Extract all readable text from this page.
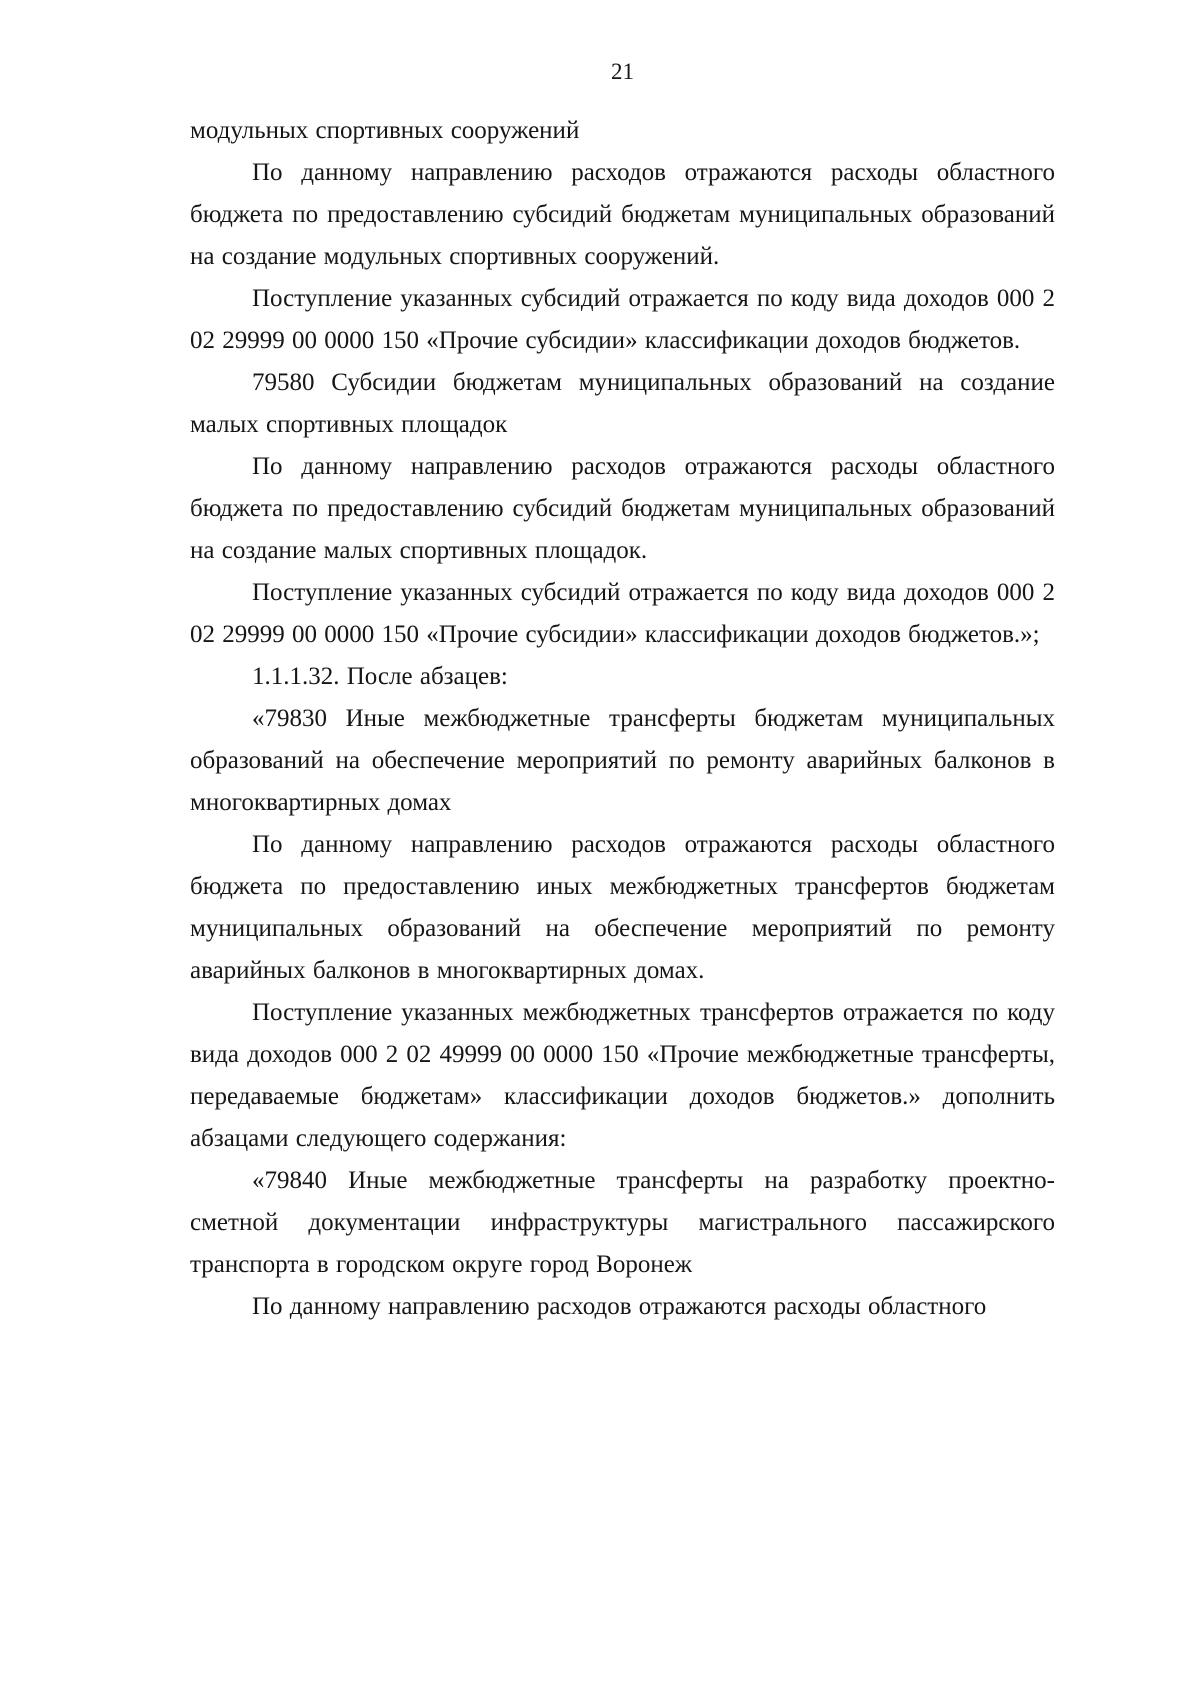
21

модульных спортивных сооружений

По данному направлению расходов отражаются расходы областного бюджета по предоставлению субсидий бюджетам муниципальных образований на создание модульных спортивных сооружений.

Поступление указанных субсидий отражается по коду вида доходов 000 2 02 29999 00 0000 150 «Прочие субсидии» классификации доходов бюджетов.

79580 Субсидии бюджетам муниципальных образований на создание малых спортивных площадок

По данному направлению расходов отражаются расходы областного бюджета по предоставлению субсидий бюджетам муниципальных образований на создание малых спортивных площадок.

Поступление указанных субсидий отражается по коду вида доходов 000 2 02 29999 00 0000 150 «Прочие субсидии» классификации доходов бюджетов.»;

1.1.1.32. После абзацев:

«79830 Иные межбюджетные трансферты бюджетам муниципальных образований на обеспечение мероприятий по ремонту аварийных балконов в многоквартирных домах

По данному направлению расходов отражаются расходы областного бюджета по предоставлению иных межбюджетных трансфертов бюджетам муниципальных образований на обеспечение мероприятий по ремонту аварийных балконов в многоквартирных домах.

Поступление указанных межбюджетных трансфертов отражается по коду вида доходов 000 2 02 49999 00 0000 150 «Прочие межбюджетные трансферты, передаваемые бюджетам» классификации доходов бюджетов.» дополнить абзацами следующего содержания:

«79840 Иные межбюджетные трансферты на разработку проектно-сметной документации инфраструктуры магистрального пассажирского транспорта в городском округе город Воронеж

По данному направлению расходов отражаются расходы областного
